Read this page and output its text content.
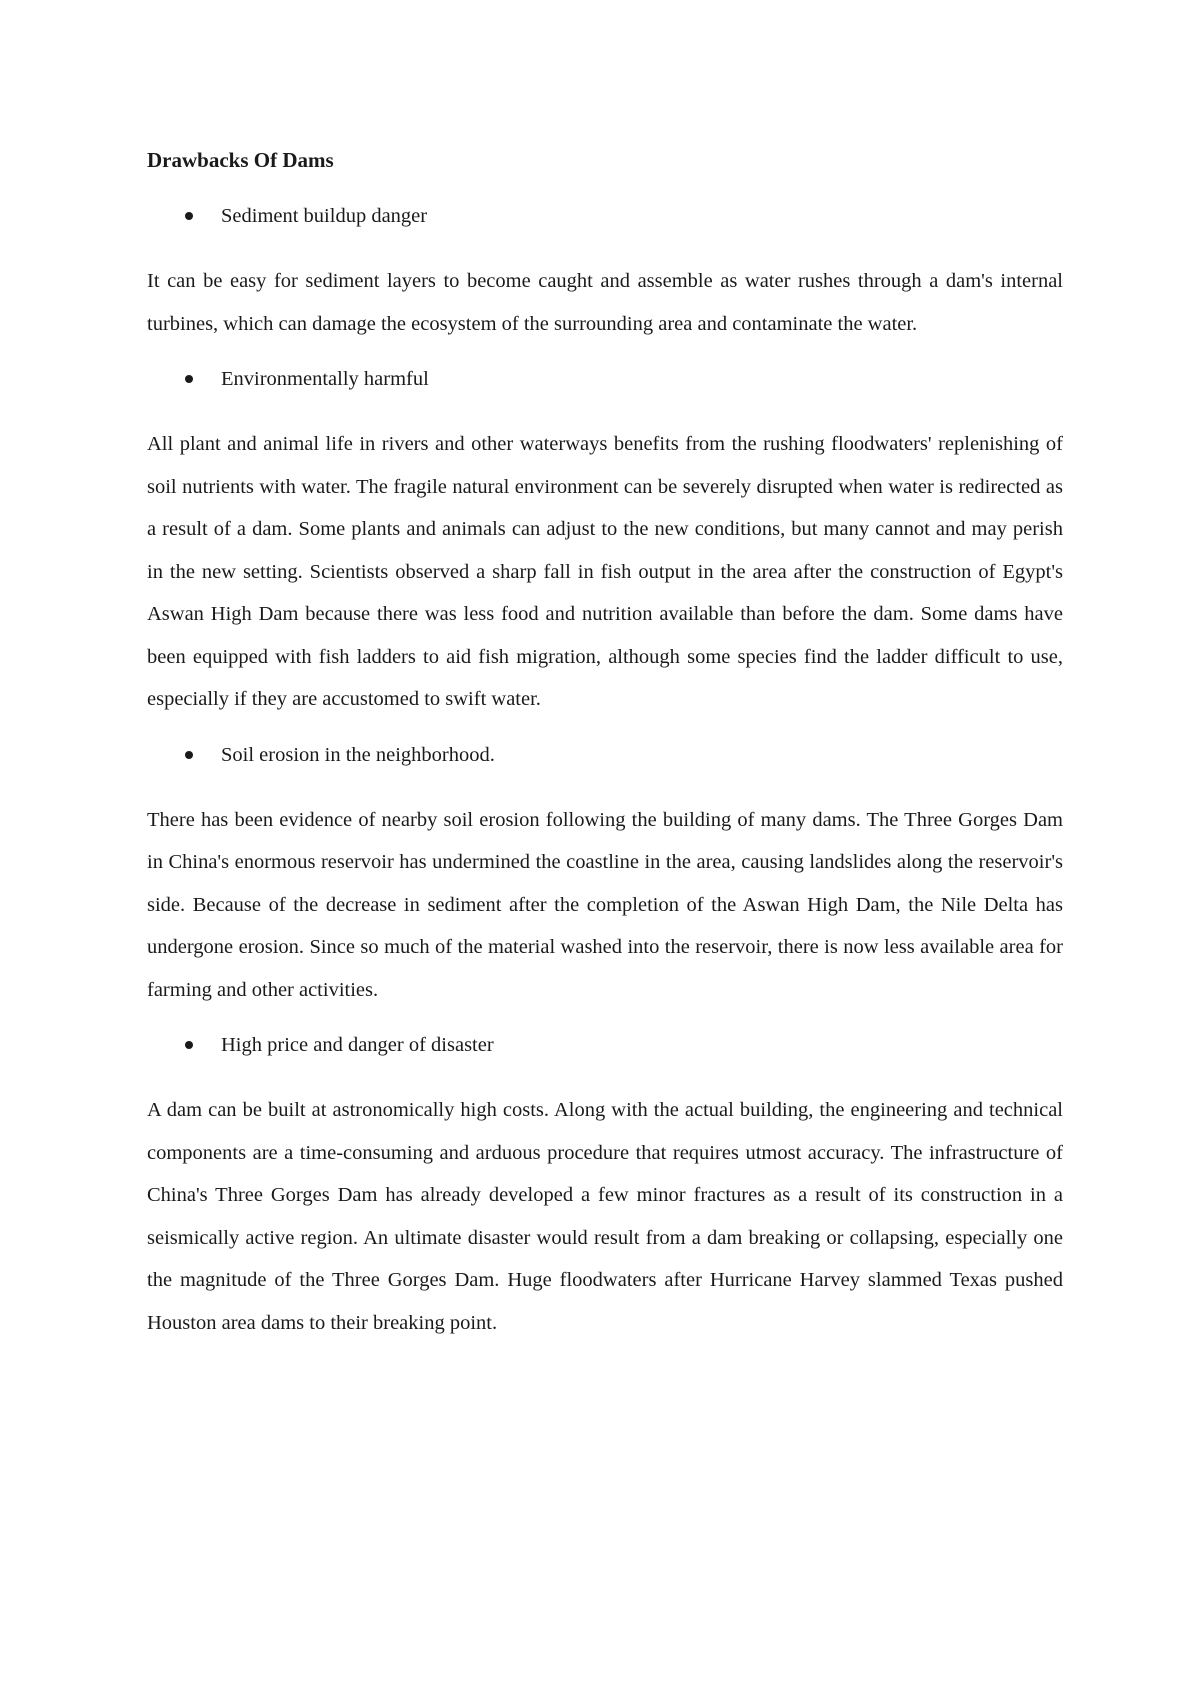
Drawbacks Of Dams
Sediment buildup danger

It can be easy for sediment layers to become caught and assemble as water rushes through a dam's internal turbines, which can damage the ecosystem of the surrounding area and contaminate the water.

Environmentally harmful

All plant and animal life in rivers and other waterways benefits from the rushing floodwaters' replenishing of soil nutrients with water. The fragile natural environment can be severely disrupted when water is redirected as a result of a dam. Some plants and animals can adjust to the new conditions, but many cannot and may perish in the new setting. Scientists observed a sharp fall in fish output in the area after the construction of Egypt's Aswan High Dam because there was less food and nutrition available than before the dam. Some dams have been equipped with fish ladders to aid fish migration, although some species find the ladder difficult to use, especially if they are accustomed to swift water.

Soil erosion in the neighborhood.

There has been evidence of nearby soil erosion following the building of many dams. The Three Gorges Dam in China's enormous reservoir has undermined the coastline in the area, causing landslides along the reservoir's side. Because of the decrease in sediment after the completion of the Aswan High Dam, the Nile Delta has undergone erosion. Since so much of the material washed into the reservoir, there is now less available area for farming and other activities.

High price and danger of disaster

A dam can be built at astronomically high costs. Along with the actual building, the engineering and technical components are a time-consuming and arduous procedure that requires utmost accuracy. The infrastructure of China's Three Gorges Dam has already developed a few minor fractures as a result of its construction in a seismically active region. An ultimate disaster would result from a dam breaking or collapsing, especially one the magnitude of the Three Gorges Dam. Huge floodwaters after Hurricane Harvey slammed Texas pushed Houston area dams to their breaking point.
